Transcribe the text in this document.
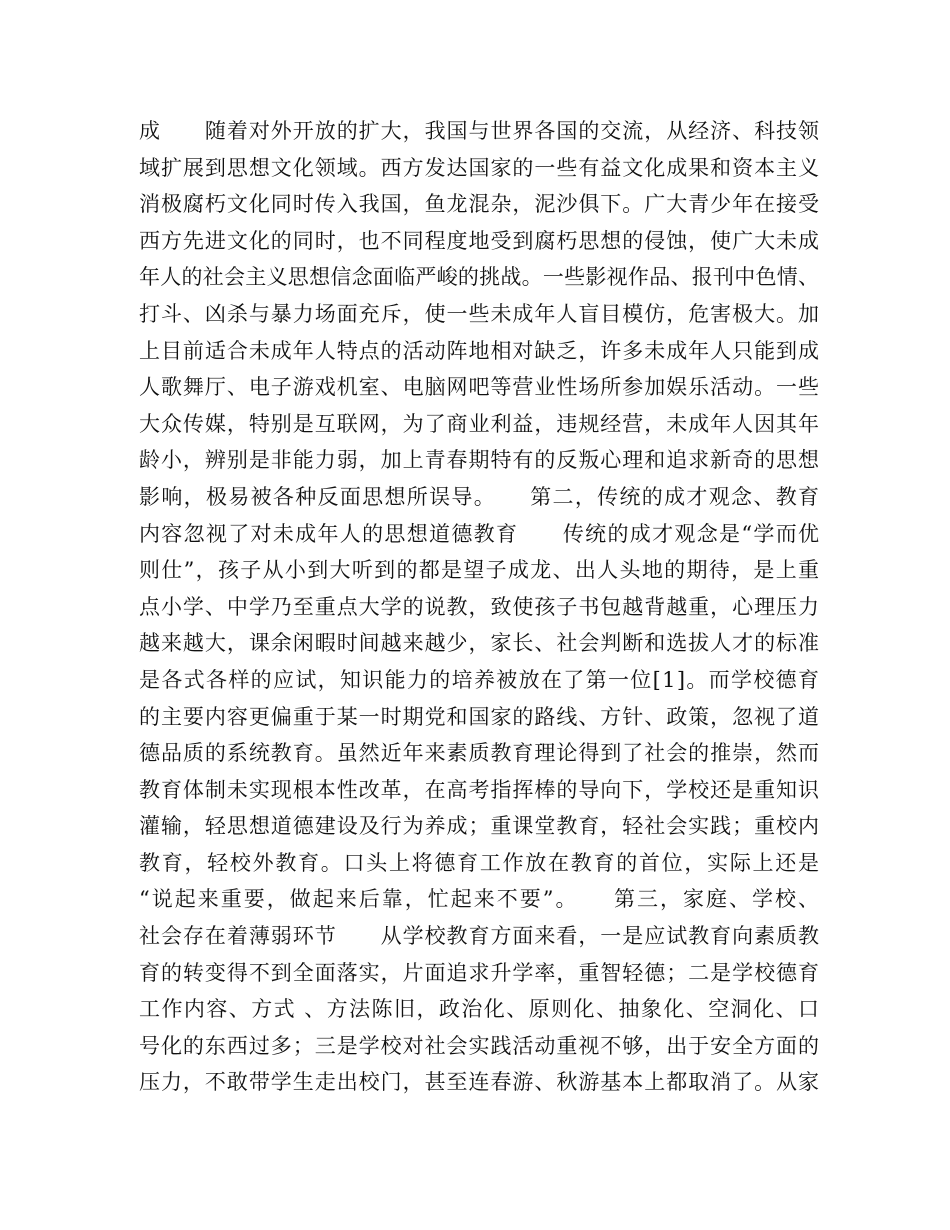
成　　随着对外开放的扩大，我国与世界各国的交流，从经济、科技领
域扩展到思想文化领域。西方发达国家的一些有益文化成果和资本主义
消极腐朽文化同时传入我国，鱼龙混杂，泥沙俱下。广大青少年在接受
西方先进文化的同时，也不同程度地受到腐朽思想的侵蚀，使广大未成
年人的社会主义思想信念面临严峻的挑战。一些影视作品、报刊中色情、
打斗、凶杀与暴力场面充斥，使一些未成年人盲目模仿，危害极大。加
上目前适合未成年人特点的活动阵地相对缺乏，许多未成年人只能到成
人歌舞厅、电子游戏机室、电脑网吧等营业性场所参加娱乐活动。一些
大众传媒，特别是互联网，为了商业利益，违规经营，未成年人因其年
龄小，辨别是非能力弱，加上青春期特有的反叛心理和追求新奇的思想
影响，极易被各种反面思想所误导。　　第二，传统的成才观念、教育
内容忽视了对未成年人的思想道德教育　　传统的成才观念是“学而优
则仕”，孩子从小到大听到的都是望子成龙、出人头地的期待，是上重
点小学、中学乃至重点大学的说教，致使孩子书包越背越重，心理压力
越来越大，课余闲暇时间越来越少，家长、社会判断和选拔人才的标准
是各式各样的应试，知识能力的培养被放在了第一位[1]。而学校德育
的主要内容更偏重于某一时期党和国家的路线、方针、政策，忽视了道
德品质的系统教育。虽然近年来素质教育理论得到了社会的推崇，然而
教育体制未实现根本性改革，在高考指挥棒的导向下，学校还是重知识
灌输，轻思想道德建设及行为养成；重课堂教育，轻社会实践；重校内
教育，轻校外教育。口头上将德育工作放在教育的首位，实际上还是
“说起来重要，做起来后靠，忙起来不要”。　　第三，家庭、学校、
社会存在着薄弱环节　　从学校教育方面来看，一是应试教育向素质教
育的转变得不到全面落实，片面追求升学率，重智轻德；二是学校德育
工作内容、方式 、方法陈旧，政治化、原则化、抽象化、空洞化、口
号化的东西过多；三是学校对社会实践活动重视不够，出于安全方面的
压力，不敢带学生走出校门，甚至连春游、秋游基本上都取消了。从家
